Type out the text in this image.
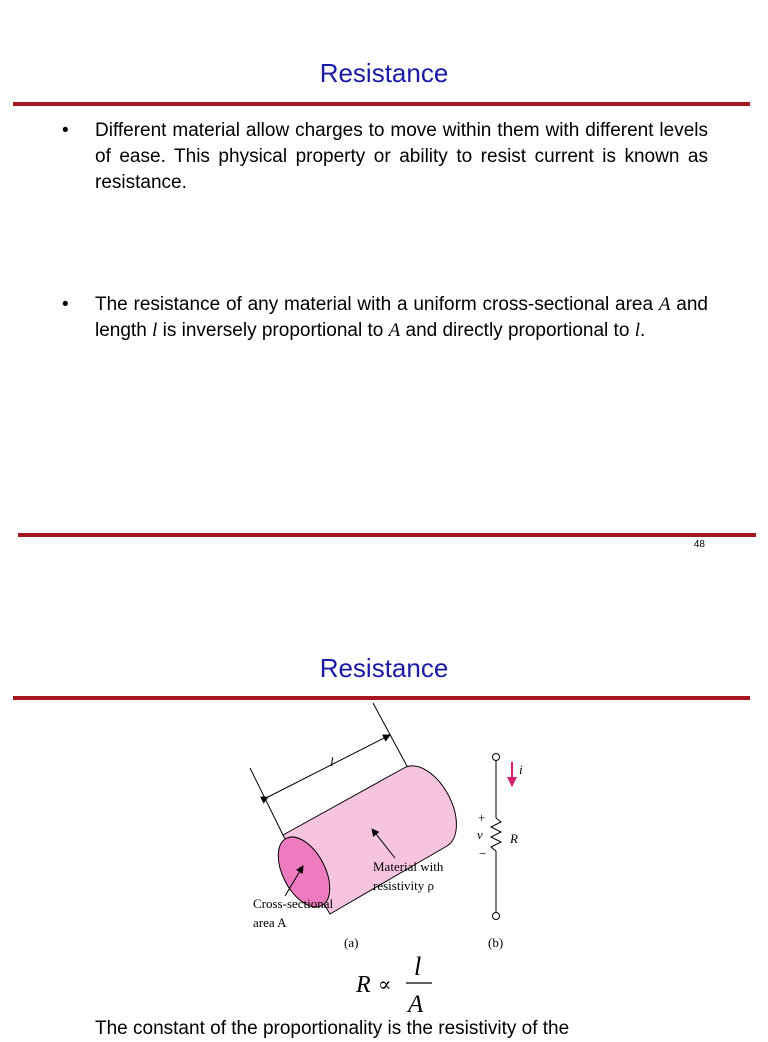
Resistance
•	Different material allow charges to move within them with different levels of ease. This physical property or ability to resist current is known as resistance.
•	The resistance of any material with a uniform cross-sectional area A and length l is inversely proportional to A and directly proportional to l.
48
Resistance
l
Material with
resistivity ρ
Cross-sectional
area A
(a)
i
+
v
−
R
(b)
R ∝
l
A
The constant of the proportionality is the resistivity of the
